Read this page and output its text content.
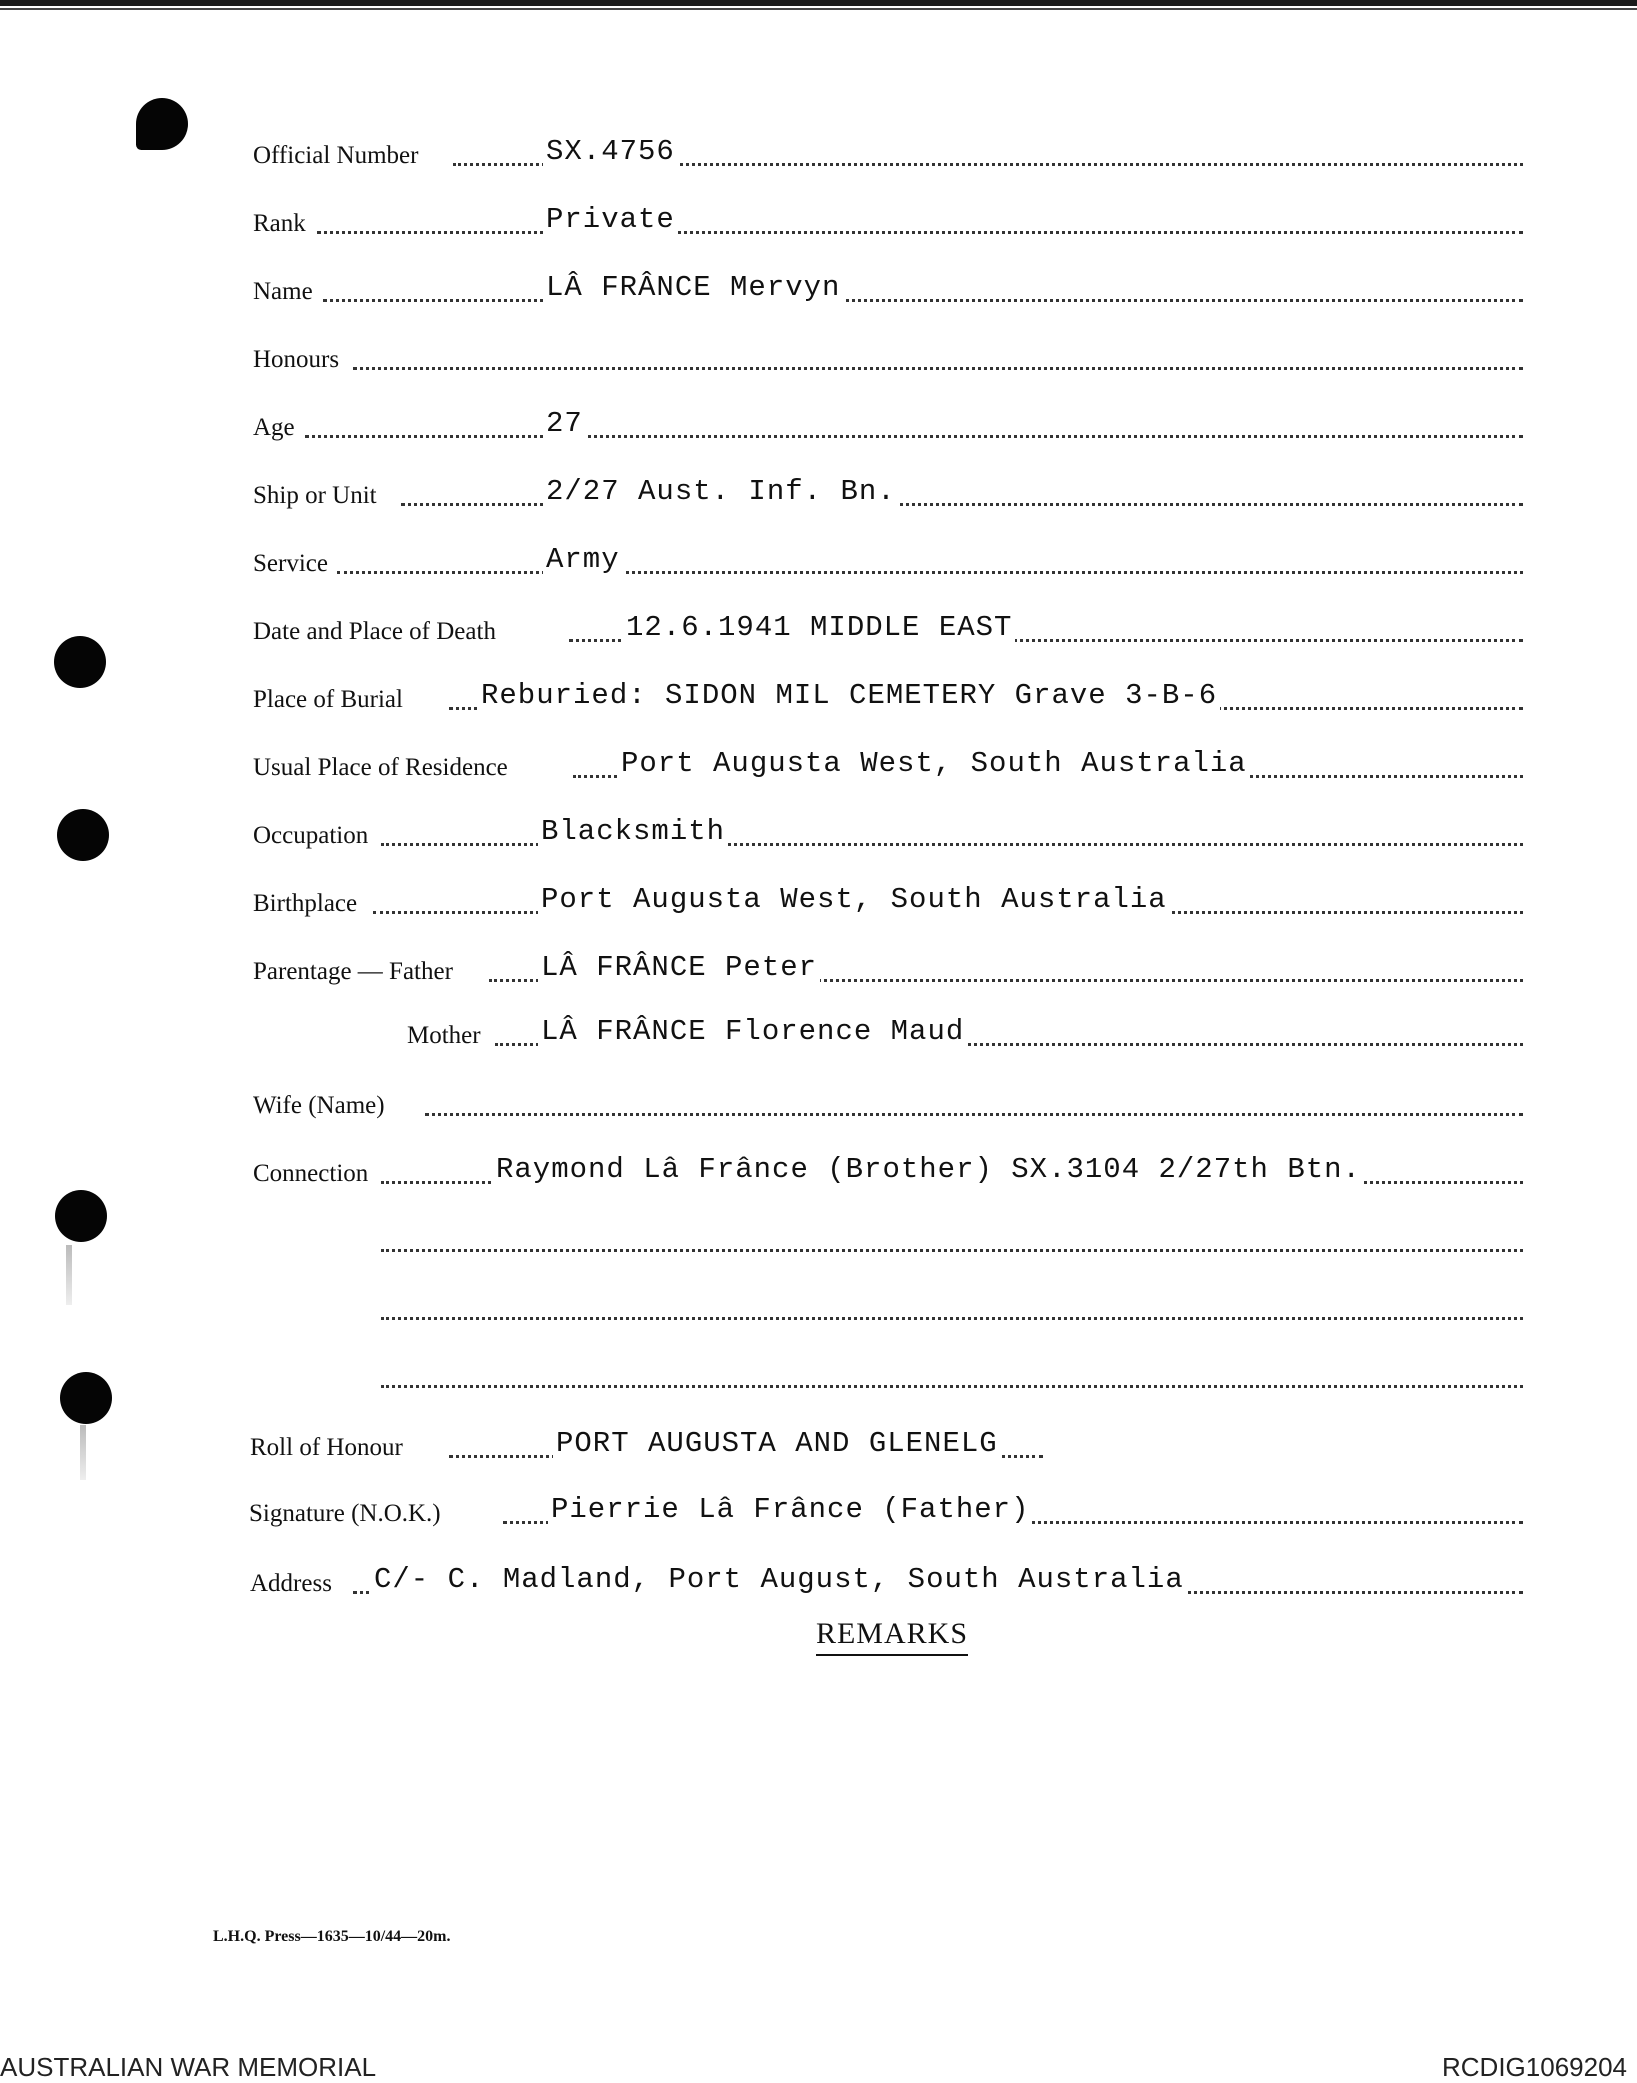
Official Number	SX.4756
Rank	Private
Name	LÂ FRÂNCE Mervyn
Honours
Age	27
Ship or Unit	2/27 Aust. Inf. Bn.
Service	Army
Date and Place of Death	12.6.1941 MIDDLE EAST
Place of Burial	Reburied: SIDON MIL CEMETERY Grave 3-B-6
Usual Place of Residence	Port Augusta West, South Australia
Occupation	Blacksmith
Birthplace	Port Augusta West, South Australia
Parentage — Father	LÂ FRÂNCE Peter
Mother LÂ FRÂNCE Florence Maud
Wife (Name)
Connection	Raymond Lâ Frânce (Brother) SX.3104 2/27th Btn.
Roll of Honour	PORT AUGUSTA AND GLENELG
Signature (N.O.K.)	Pierrie Lâ Frânce (Father)
Address C/- C. Madland, Port August, South Australia
REMARKS
L.H.Q. Press—1635—10/44—20m.
AUSTRALIAN WAR MEMORIAL	RCDIG1069204
